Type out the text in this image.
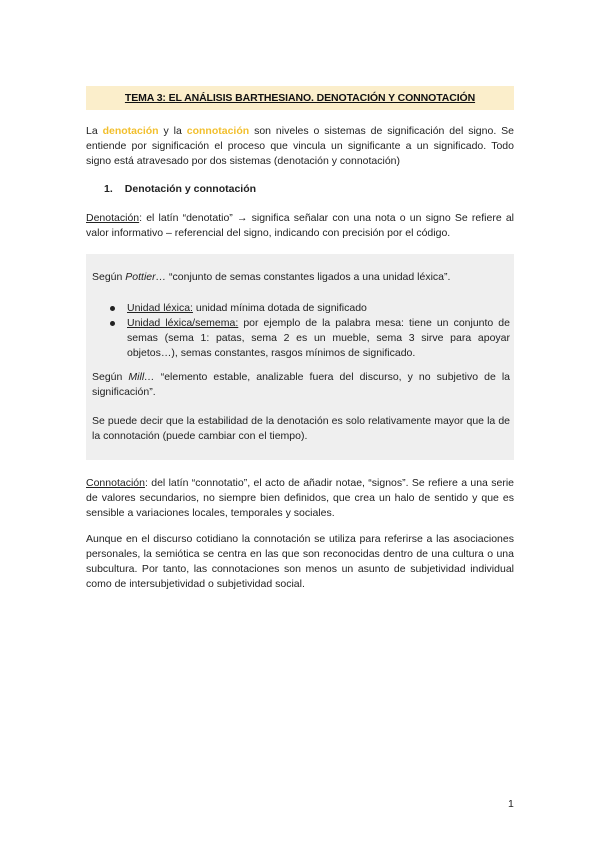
TEMA 3: EL ANÁLISIS BARTHESIANO. DENOTACIÓN Y CONNOTACIÓN

La denotación y la connotación son niveles o sistemas de significación del signo. Se entiende por significación el proceso que vincula un significante a un significado. Todo signo está atravesado por dos sistemas (denotación y connotación)

1. Denotación y connotación

Denotación: el latín “denotatio” → significa señalar con una nota o un signo Se refiere al valor informativo – referencial del signo, indicando con precisión por el código.

Según Pottier… “conjunto de semas constantes ligados a una unidad léxica”.

Unidad léxica: unidad mínima dotada de significado
Unidad léxica/semema: por ejemplo de la palabra mesa: tiene un conjunto de semas (sema 1: patas, sema 2 es un mueble, sema 3 sirve para apoyar objetos…), semas constantes, rasgos mínimos de significado.

Según Mill… “elemento estable, analizable fuera del discurso, y no subjetivo de la significación”.

Se puede decir que la estabilidad de la denotación es solo relativamente mayor que la de la connotación (puede cambiar con el tiempo).

Connotación: del latín “connotatio”, el acto de añadir notae, “signos”. Se refiere a una serie de valores secundarios, no siempre bien definidos, que crea un halo de sentido y que es sensible a variaciones locales, temporales y sociales.

Aunque en el discurso cotidiano la connotación se utiliza para referirse a las asociaciones personales, la semiótica se centra en las que son reconocidas dentro de una cultura o una subcultura. Por tanto, las connotaciones son menos un asunto de subjetividad individual como de intersubjetividad o subjetividad social.

1
